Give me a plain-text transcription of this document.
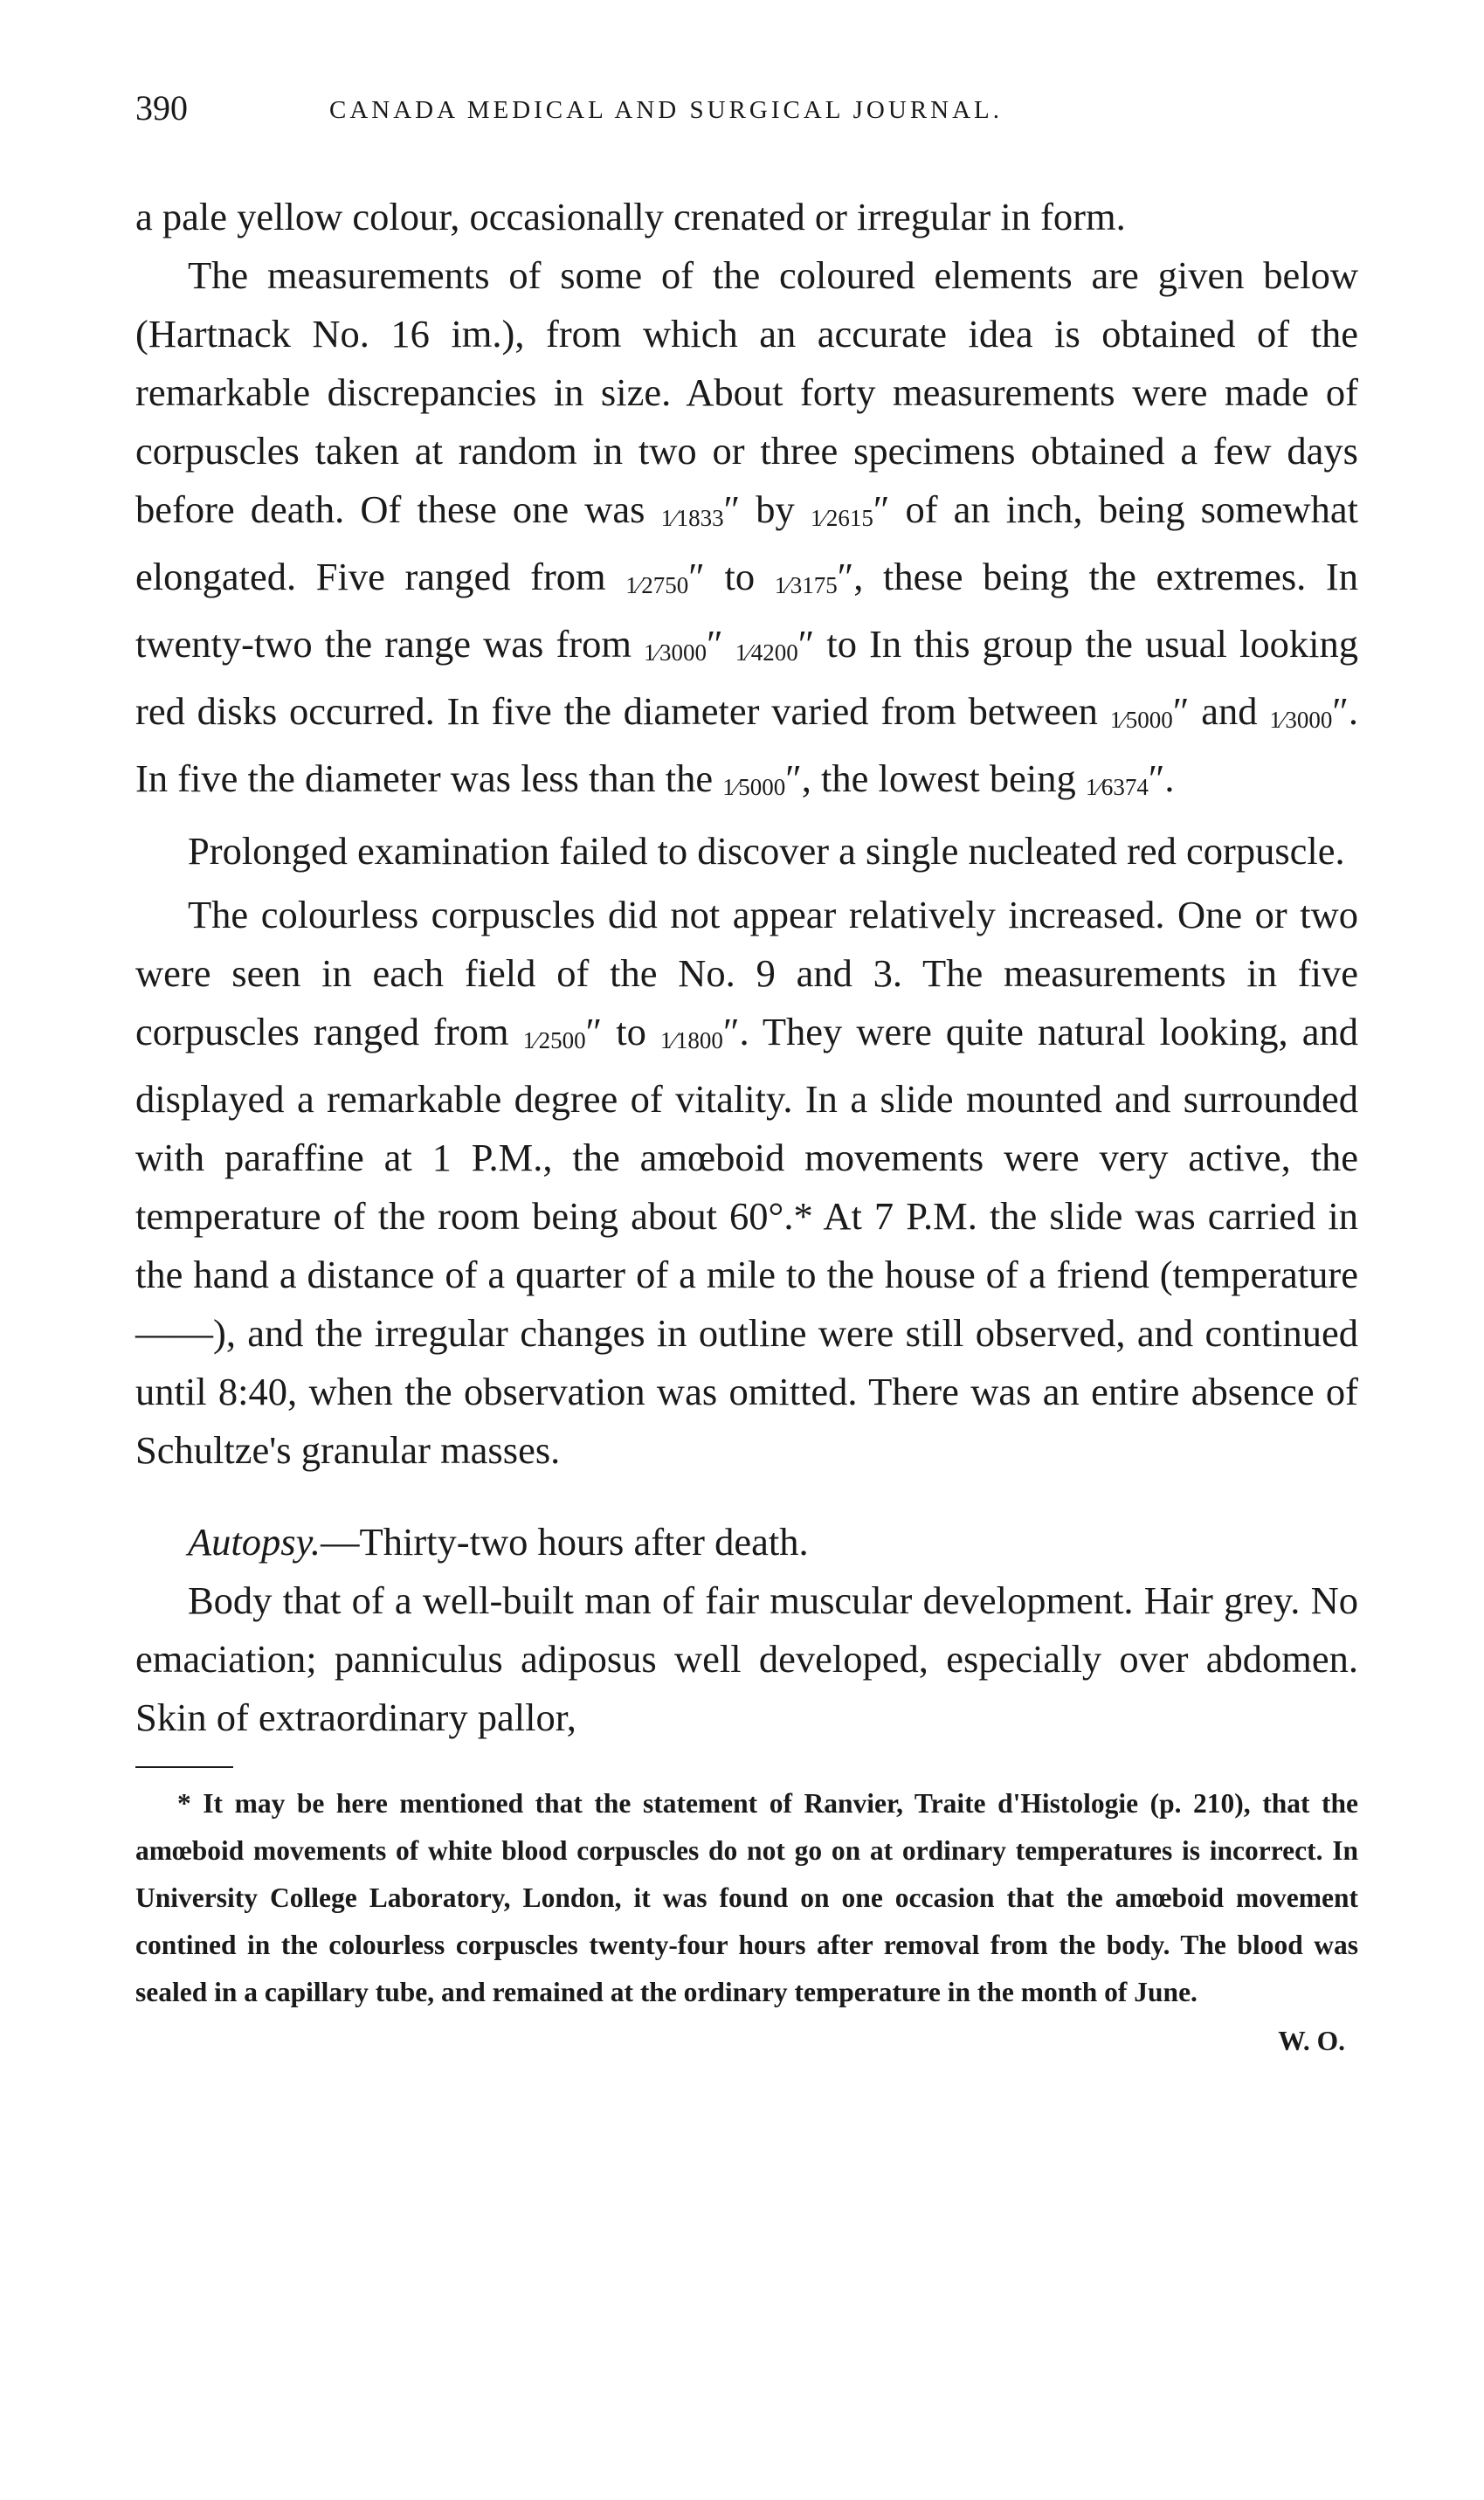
390	CANADA MEDICAL AND SURGICAL JOURNAL.

a pale yellow colour, occasionally crenated or irregular in form.

The measurements of some of the coloured elements are given below (Hartnack No. 16 im.), from which an accurate idea is obtained of the remarkable discrepancies in size. About forty measurements were made of corpuscles taken at random in two or three specimens obtained a few days before death. Of these one was 1⁄1833″ by 1⁄2615″ of an inch, being somewhat elongated. Five ranged from 1⁄2750″ to 1⁄3175″, these being the extremes. In twenty-two the range was from 1⁄3000″ 1⁄4200″ to In this group the usual looking red disks occurred. In five the diameter varied from between 1⁄5000″ and 1⁄3000″. In five the diameter was less than the 1⁄5000″, the lowest being 1⁄6374″.

Prolonged examination failed to discover a single nucleated red corpuscle.

The colourless corpuscles did not appear relatively increased. One or two were seen in each field of the No. 9 and 3. The measurements in five corpuscles ranged from 1⁄2500″ to 1⁄1800″. They were quite natural looking, and displayed a remarkable degree of vitality. In a slide mounted and surrounded with paraffine at 1 P.M., the amœboid movements were very active, the temperature of the room being about 60°.* At 7 P.M. the slide was carried in the hand a distance of a quarter of a mile to the house of a friend (temperature ——), and the irregular changes in outline were still observed, and continued until 8:40, when the observation was omitted. There was an entire absence of Schultze's granular masses.

Autopsy.—Thirty-two hours after death.

Body that of a well-built man of fair muscular development. Hair grey. No emaciation; panniculus adiposus well developed, especially over abdomen. Skin of extraordinary pallor,

* It may be here mentioned that the statement of Ranvier, Traite d'Histologie (p. 210), that the amœboid movements of white blood corpuscles do not go on at ordinary temperatures is incorrect. In University College Laboratory, London, it was found on one occasion that the amœboid movement contined in the colourless corpuscles twenty-four hours after removal from the body. The blood was sealed in a capillary tube, and remained at the ordinary temperature in the month of June.

W. O.
